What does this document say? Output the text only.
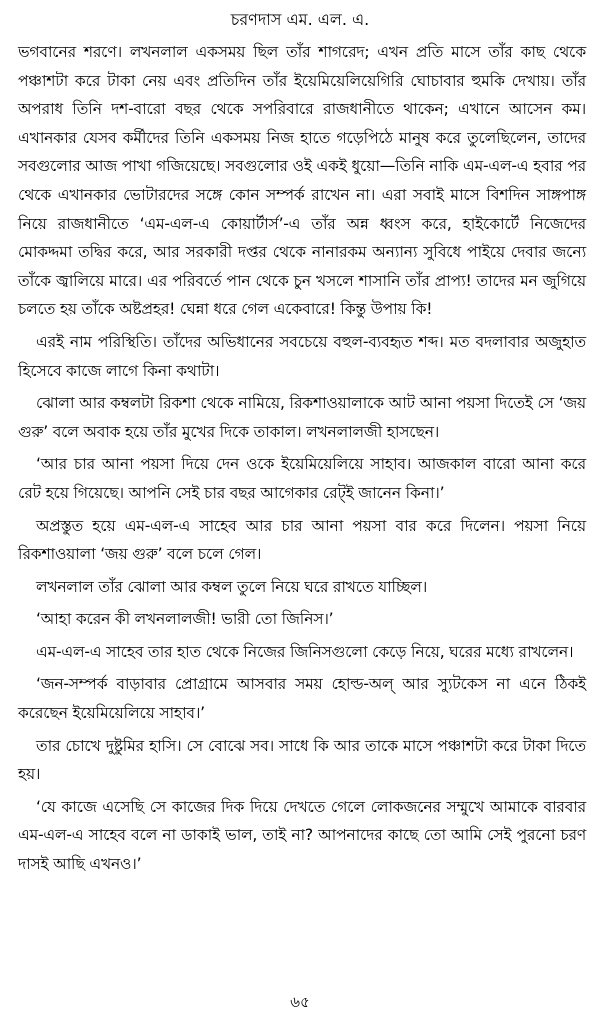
চরণদাস এম. এল. এ.

ভগবানের শরণে। লখনলাল একসময় ছিল তাঁর শাগরেদ; এখন প্রতি মাসে তাঁর কাছ থেকে পঞ্চাশটা করে টাকা নেয় এবং প্রতিদিন তাঁর ইয়েমিয়েলিয়েগিরি ঘোচাবার হুমকি দেখায়। তাঁর অপরাধ তিনি দশ-বারো বছর থেকে সপরিবারে রাজধানীতে থাকেন; এখানে আসেন কম। এখানকার যেসব কর্মীদের তিনি একসময় নিজ হাতে গড়েপিঠে মানুষ করে তুলেছিলেন, তাদের সবগুলোর আজ পাখা গজিয়েছে। সবগুলোর ওই একই ধুয়ো—তিনি নাকি এম-এল-এ হবার পর থেকে এখানকার ভোটারদের সঙ্গে কোন সম্পর্ক রাখেন না। এরা সবাই মাসে বিশদিন সাঙ্গপাঙ্গ নিয়ে রাজধানীতে ‘এম-এল-এ কোয়ার্টার্স’-এ তাঁর অন্ন ধ্বংস করে, হাইকোর্টে নিজেদের মোকদ্দমা তদ্বির করে, আর সরকারী দপ্তর থেকে নানারকম অন্যান্য সুবিধে পাইয়ে দেবার জন্যে তাঁকে জ্বালিয়ে মারে। এর পরিবর্তে পান থেকে চুন খসলে শাসানি তাঁর প্রাপ্য! তাদের মন জুগিয়ে চলতে হয় তাঁকে অষ্টপ্রহর! ঘেন্না ধরে গেল একেবারে! কিন্তু উপায় কি!

এরই নাম পরিস্থিতি। তাঁদের অভিধানের সবচেয়ে বহুল-ব্যবহৃত শব্দ। মত বদলাবার অজুহাত হিসেবে কাজে লাগে কিনা কথাটা।

ঝোলা আর কম্বলটা রিকশা থেকে নামিয়ে, রিকশাওয়ালাকে আট আনা পয়সা দিতেই সে ‘জয় গুরু’ বলে অবাক হয়ে তাঁর মুখের দিকে তাকাল। লখনলালজী হাসছেন।

‘আর চার আনা পয়সা দিয়ে দেন ওকে ইয়েমিয়েলিয়ে সাহাব। আজকাল বারো আনা করে রেট হয়ে গিয়েছে। আপনি সেই চার বছর আগেকার রেট্‌ই জানেন কিনা।’

অপ্রস্তুত হয়ে এম-এল-এ সাহেব আর চার আনা পয়সা বার করে দিলেন। পয়সা নিয়ে রিকশাওয়ালা ‘জয় গুরু’ বলে চলে গেল।

লখনলাল তাঁর ঝোলা আর কম্বল তুলে নিয়ে ঘরে রাখতে যাচ্ছিল।

‘আহা করেন কী লখনলালজী! ভারী তো জিনিস।’

এম-এল-এ সাহেব তার হাত থেকে নিজের জিনিসগুলো কেড়ে নিয়ে, ঘরের মধ্যে রাখলেন।

‘জন-সম্পর্ক বাড়াবার প্রোগ্রামে আসবার সময় হোল্ড-অল্‌ আর স্যুটকেস না এনে ঠিকই করেছেন ইয়েমিয়েলিয়ে সাহাব।’

তার চোখে দুষ্টুমির হাসি। সে বোঝে সব। সাধে কি আর তাকে মাসে পঞ্চাশটা করে টাকা দিতে হয়।

‘যে কাজে এসেছি সে কাজের দিক দিয়ে দেখতে গেলে লোকজনের সম্মুখে আমাকে বারবার এম-এল-এ সাহেব বলে না ডাকাই ভাল, তাই না? আপনাদের কাছে তো আমি সেই পুরনো চরণ দাসই আছি এখনও।’

৬৫
